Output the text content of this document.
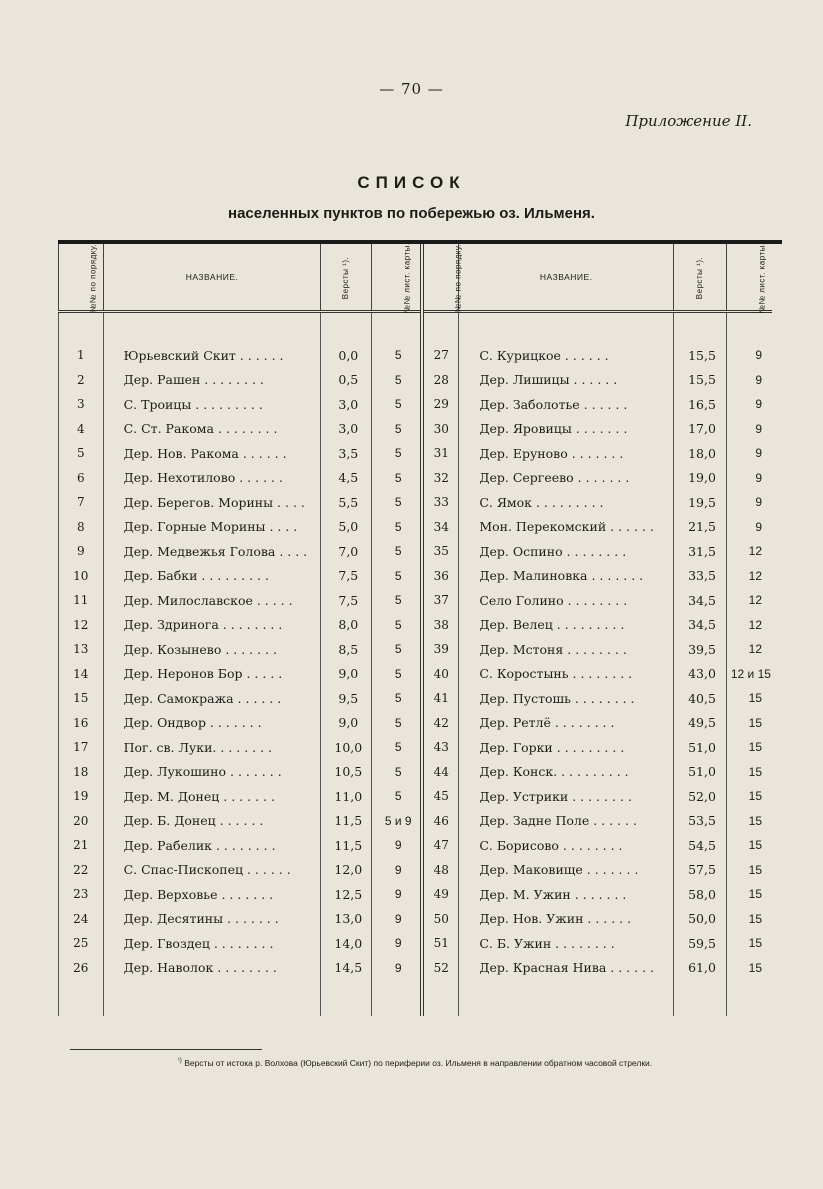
— 70 —
Приложение II.
СПИСОК
населенных пунктов по побережью оз. Ильменя.
№№ по порядку.	НАЗВАНИЕ.	Версты ¹).	№№ лист. карты.	№№ по порядку.	НАЗВАНИЕ.	Версты ¹).	№№ лист. карты.

1	Юрьевский Скит . . . . . .	0,0	5	27	С. Курицкое . . . . . .	15,5	9
2	Дер. Рашен . . . . . . . .	0,5	5	28	Дер. Лишицы . . . . . .	15,5	9
3	С. Троицы . . . . . . . . .	3,0	5	29	Дер. Заболотье . . . . . .	16,5	9
4	С. Ст. Ракома . . . . . . . .	3,0	5	30	Дер. Яровицы . . . . . . .	17,0	9
5	Дер. Нов. Ракома . . . . . .	3,5	5	31	Дер. Еруново . . . . . . .	18,0	9
6	Дер. Нехотилово . . . . . .	4,5	5	32	Дер. Сергеево . . . . . . .	19,0	9
7	Дер. Берегов. Морины . . . .	5,5	5	33	С. Ямок . . . . . . . . .	19,5	9
8	Дер. Горные Морины . . . .	5,0	5	34	Мон. Перекомский . . . . . .	21,5	9
9	Дер. Медвежья Голова . . . .	7,0	5	35	Дер. Оспино . . . . . . . .	31,5	12
10	Дер. Бабки . . . . . . . . .	7,5	5	36	Дер. Малиновка . . . . . . .	33,5	12
11	Дер. Милославское . . . . .	7,5	5	37	Село Голино . . . . . . . .	34,5	12
12	Дер. Здринога . . . . . . . .	8,0	5	38	Дер. Велец . . . . . . . . .	34,5	12
13	Дер. Козынево . . . . . . .	8,5	5	39	Дер. Мстоня . . . . . . . .	39,5	12
14	Дер. Неронов Бор . . . . .	9,0	5	40	С. Коростынь . . . . . . . .	43,0	12 и 15
15	Дер. Самокража . . . . . .	9,5	5	41	Дер. Пустошь . . . . . . . .	40,5	15
16	Дер. Ондвор . . . . . . .	9,0	5	42	Дер. Ретлё . . . . . . . .	49,5	15
17	Пог. св. Луки. . . . . . . .	10,0	5	43	Дер. Горки . . . . . . . . .	51,0	15
18	Дер. Лукошино . . . . . . .	10,5	5	44	Дер. Конск. . . . . . . . . .	51,0	15
19	Дер. М. Донец . . . . . . .	11,0	5	45	Дер. Устрики . . . . . . . .	52,0	15
20	Дер. Б. Донец . . . . . .	11,5	5 и 9	46	Дер. Задне Поле . . . . . .	53,5	15
21	Дер. Рабелик . . . . . . . .	11,5	9	47	С. Борисово . . . . . . . .	54,5	15
22	С. Спас-Пископец . . . . . .	12,0	9	48	Дер. Маковище . . . . . . .	57,5	15
23	Дер. Верховье . . . . . . .	12,5	9	49	Дер. М. Ужин . . . . . . .	58,0	15
24	Дер. Десятины . . . . . . .	13,0	9	50	Дер. Нов. Ужин . . . . . .	50,0	15
25	Дер. Гвоздец . . . . . . . .	14,0	9	51	С. Б. Ужин . . . . . . . .	59,5	15
26	Дер. Наволок . . . . . . . .	14,5	9	52	Дер. Красная Нива . . . . . .	61,0	15

$^{^1)}$ Версты от истока р. Волхова (Юрьевский Скит) по периферии оз. Ильменя в направлении обратном часовой стрелки.
